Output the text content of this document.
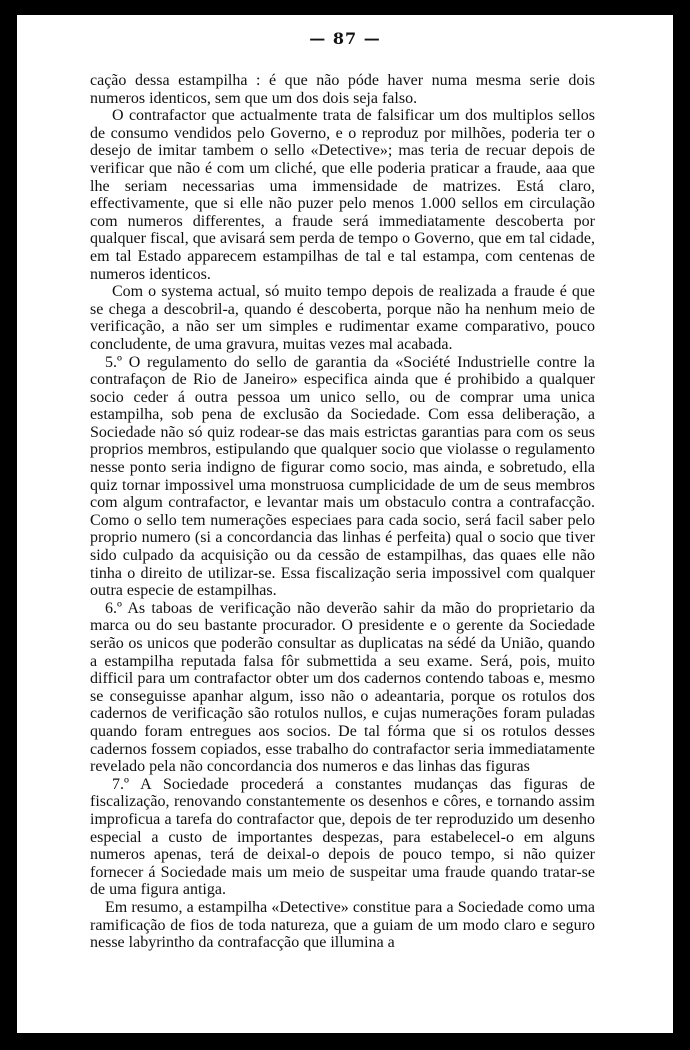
— 87 —

cação dessa estampilha : é que não póde haver numa mesma serie dois numeros identicos, sem que um dos dois seja falso.

O contrafactor que actualmente trata de falsificar um dos multiplos sellos de consumo vendidos pelo Governo, e o reproduz por milhões, poderia ter o desejo de imitar tambem o sello «Detective»; mas teria de recuar depois de verificar que não é com um cliché, que elle poderia praticar a fraude, aaa que lhe seriam necessarias uma immensidade de matrizes. Está claro, effectivamente, que si elle não puzer pelo menos 1.000 sellos em circulação com numeros differentes, a fraude será immediatamente descoberta por qualquer fiscal, que avisará sem perda de tempo o Governo, que em tal cidade, em tal Estado apparecem estampilhas de tal e tal estampa, com centenas de numeros identicos.

Com o systema actual, só muito tempo depois de realizada a fraude é que se chega a descobril-a, quando é descoberta, porque não ha nenhum meio de verificação, a não ser um simples e rudimentar exame comparativo, pouco concludente, de uma gravura, muitas vezes mal acabada.

5.º O regulamento do sello de garantia da «Société Industrielle contre la contrafaçon de Rio de Janeiro» especifica ainda que é prohibido a qualquer socio ceder á outra pessoa um unico sello, ou de comprar uma unica estampilha, sob pena de exclusão da Sociedade. Com essa deliberação, a Sociedade não só quiz rodear-se das mais estrictas garantias para com os seus proprios membros, estipulando que qualquer socio que violasse o regulamento nesse ponto seria indigno de figurar como socio, mas ainda, e sobretudo, ella quiz tornar impossivel uma monstruosa cumplicidade de um de seus membros com algum contrafactor, e levantar mais um obstaculo contra a contrafacção. Como o sello tem numerações especiaes para cada socio, será facil saber pelo proprio numero (si a concordancia das linhas é perfeita) qual o socio que tiver sido culpado da acquisição ou da cessão de estampilhas, das quaes elle não tinha o direito de utilizar-se. Essa fiscalização seria impossivel com qualquer outra especie de estampilhas.

6.º As taboas de verificação não deverão sahir da mão do proprietario da marca ou do seu bastante procurador. O presidente e o gerente da Sociedade serão os unicos que poderão consultar as duplicatas na sédé da União, quando a estampilha reputada falsa fôr submettida a seu exame. Será, pois, muito difficil para um contrafactor obter um dos cadernos contendo taboas e, mesmo se conseguisse apanhar algum, isso não o adeantaria, porque os rotulos dos cadernos de verificação são rotulos nullos, e cujas numerações foram puladas quando foram entregues aos socios. De tal fórma que si os rotulos desses cadernos fossem copiados, esse trabalho do contrafactor seria immediatamente revelado pela não concordancia dos numeros e das linhas das figuras

7.º A Sociedade procederá a constantes mudanças das figuras de fiscalização, renovando constantemente os desenhos e côres, e tornando assim improficua a tarefa do contrafactor que, depois de ter reproduzido um desenho especial a custo de importantes despezas, para estabelecel-o em alguns numeros apenas, terá de deixal-o depois de pouco tempo, si não quizer fornecer á Sociedade mais um meio de suspeitar uma fraude quando tratar-se de uma figura antiga.

Em resumo, a estampilha «Detective» constitue para a Sociedade como uma ramificação de fios de toda natureza, que a guiam de um modo claro e seguro nesse labyrintho da contrafacção que illumina a
